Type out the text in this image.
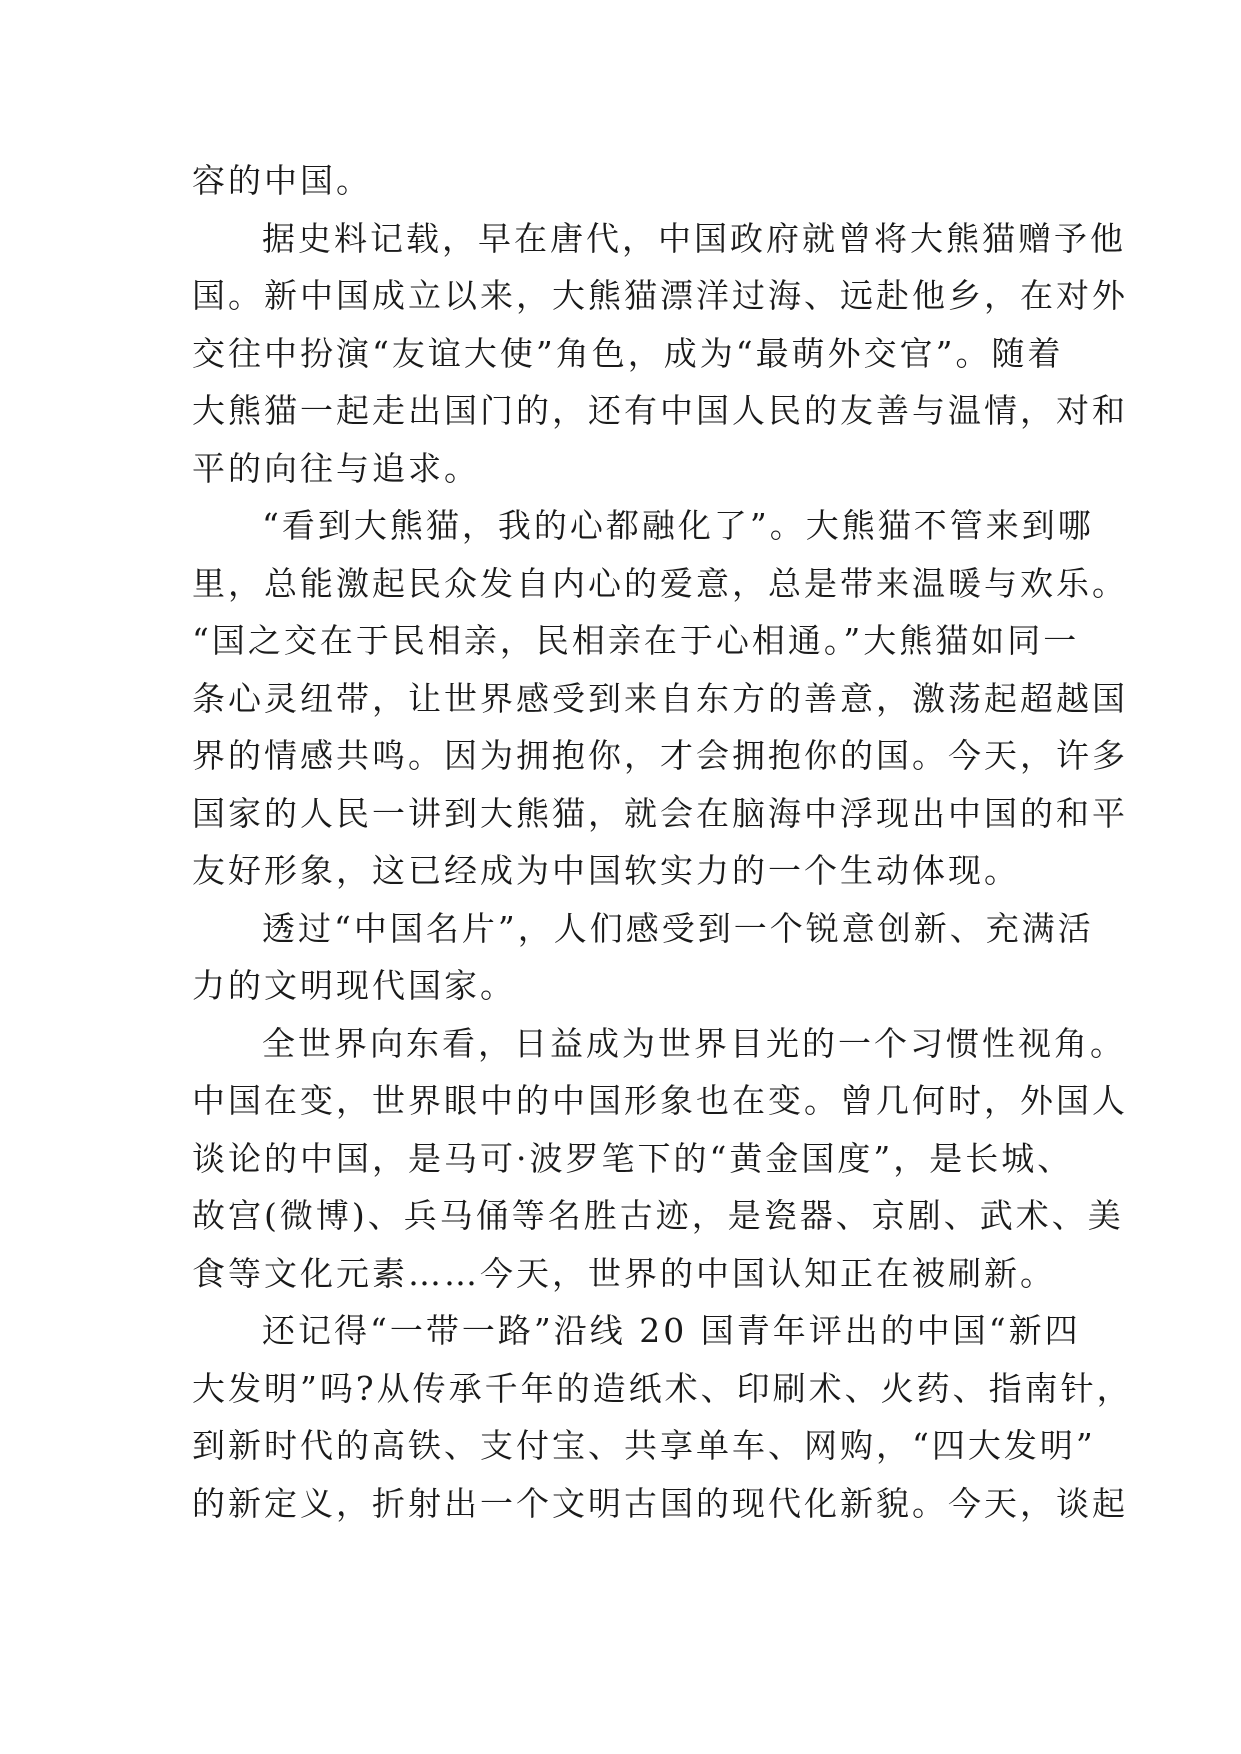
容的中国。
据史料记载，早在唐代，中国政府就曾将大熊猫赠予他
国。新中国成立以来，大熊猫漂洋过海、远赴他乡，在对外
交往中扮演“友谊大使”角色，成为“最萌外交官”。随着
大熊猫一起走出国门的，还有中国人民的友善与温情，对和
平的向往与追求。
“看到大熊猫，我的心都融化了”。大熊猫不管来到哪
里，总能激起民众发自内心的爱意，总是带来温暖与欢乐。
“国之交在于民相亲，民相亲在于心相通。”大熊猫如同一
条心灵纽带，让世界感受到来自东方的善意，激荡起超越国
界的情感共鸣。因为拥抱你，才会拥抱你的国。今天，许多
国家的人民一讲到大熊猫，就会在脑海中浮现出中国的和平
友好形象，这已经成为中国软实力的一个生动体现。
透过“中国名片”，人们感受到一个锐意创新、充满活
力的文明现代国家。
全世界向东看，日益成为世界目光的一个习惯性视角。
中国在变，世界眼中的中国形象也在变。曾几何时，外国人
谈论的中国，是马可·波罗笔下的“黄金国度”，是长城、
故宫(微博)、兵马俑等名胜古迹，是瓷器、京剧、武术、美
食等文化元素……今天，世界的中国认知正在被刷新。
还记得“一带一路”沿线 20 国青年评出的中国“新四
大发明”吗?从传承千年的造纸术、印刷术、火药、指南针，
到新时代的高铁、支付宝、共享单车、网购，“四大发明”
的新定义，折射出一个文明古国的现代化新貌。今天，谈起
